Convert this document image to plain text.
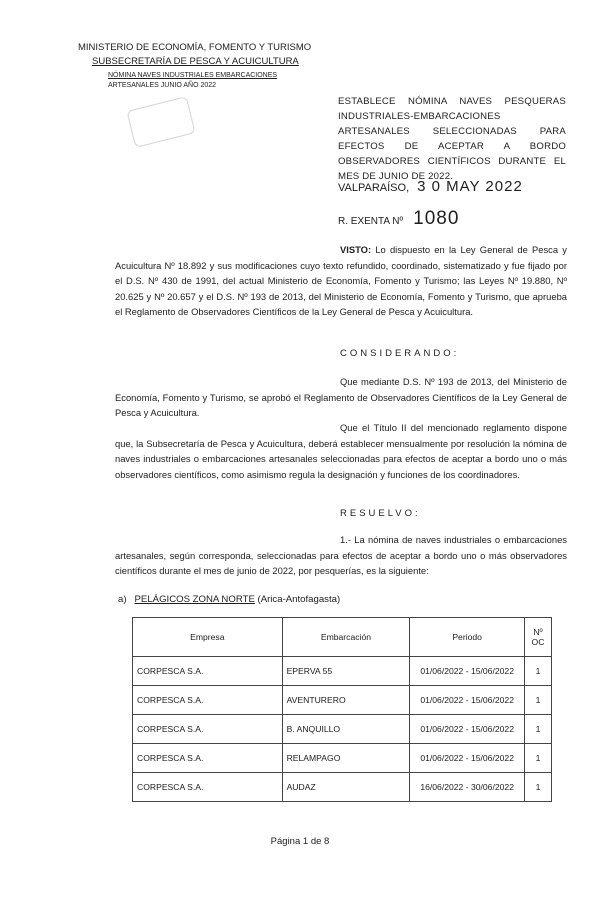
MINISTERIO DE ECONOMÍA, FOMENTO Y TURISMO
SUBSECRETARÍA DE PESCA Y ACUICULTURA
NÓMINA NAVES INDUSTRIALES EMBARCACIONES
ARTESANALES JUNIO AÑO 2022

ESTABLECE NÓMINA NAVES PESQUERAS INDUSTRIALES-EMBARCACIONES ARTESANALES SELECCIONADAS PARA EFECTOS DE ACEPTAR A BORDO OBSERVADORES CIENTÍFICOS DURANTE EL MES DE JUNIO DE 2022.
VALPARAÍSO, 3 0 MAY 2022
R. EXENTA Nº 1080
VISTO: Lo dispuesto en la Ley General de Pesca y Acuicultura Nº 18.892 y sus modificaciones cuyo texto refundido, coordinado, sistematizado y fue fijado por el D.S. Nº 430 de 1991, del actual Ministerio de Economía, Fomento y Turismo; las Leyes Nº 19.880, Nº 20.625 y Nº 20.657 y el D.S. Nº 193 de 2013, del Ministerio de Economía, Fomento y Turismo, que aprueba el Reglamento de Observadores Científicos de la Ley General de Pesca y Acuicultura.
CONSIDERANDO:
Que mediante D.S. Nº 193 de 2013, del Ministerio de Economía, Fomento y Turismo, se aprobó el Reglamento de Observadores Científicos de la Ley General de Pesca y Acuicultura.
Que el Título II del mencionado reglamento dispone que, la Subsecretaría de Pesca y Acuicultura, deberá establecer mensualmente por resolución la nómina de naves industriales o embarcaciones artesanales seleccionadas para efectos de aceptar a bordo uno o más observadores científicos, como asimismo regula la designación y funciones de los coordinadores.
RESUELVO:
1.- La nómina de naves industriales o embarcaciones artesanales, según corresponda, seleccionadas para efectos de aceptar a bordo uno o más observadores científicos durante el mes de junio de 2022, por pesquerías, es la siguiente:
a) PELÁGICOS ZONA NORTE (Arica-Antofagasta)
Empresa	Embarcación	Periodo	Nº OC
CORPESCA S.A.	EPERVA 55	01/06/2022 - 15/06/2022	1
CORPESCA S.A.	AVENTURERO	01/06/2022 - 15/06/2022	1
CORPESCA S.A.	B. ANQUILLO	01/06/2022 - 15/06/2022	1
CORPESCA S.A.	RELAMPAGO	01/06/2022 - 15/06/2022	1
CORPESCA S.A.	AUDAZ	16/06/2022 - 30/06/2022	1
Página 1 de 8
